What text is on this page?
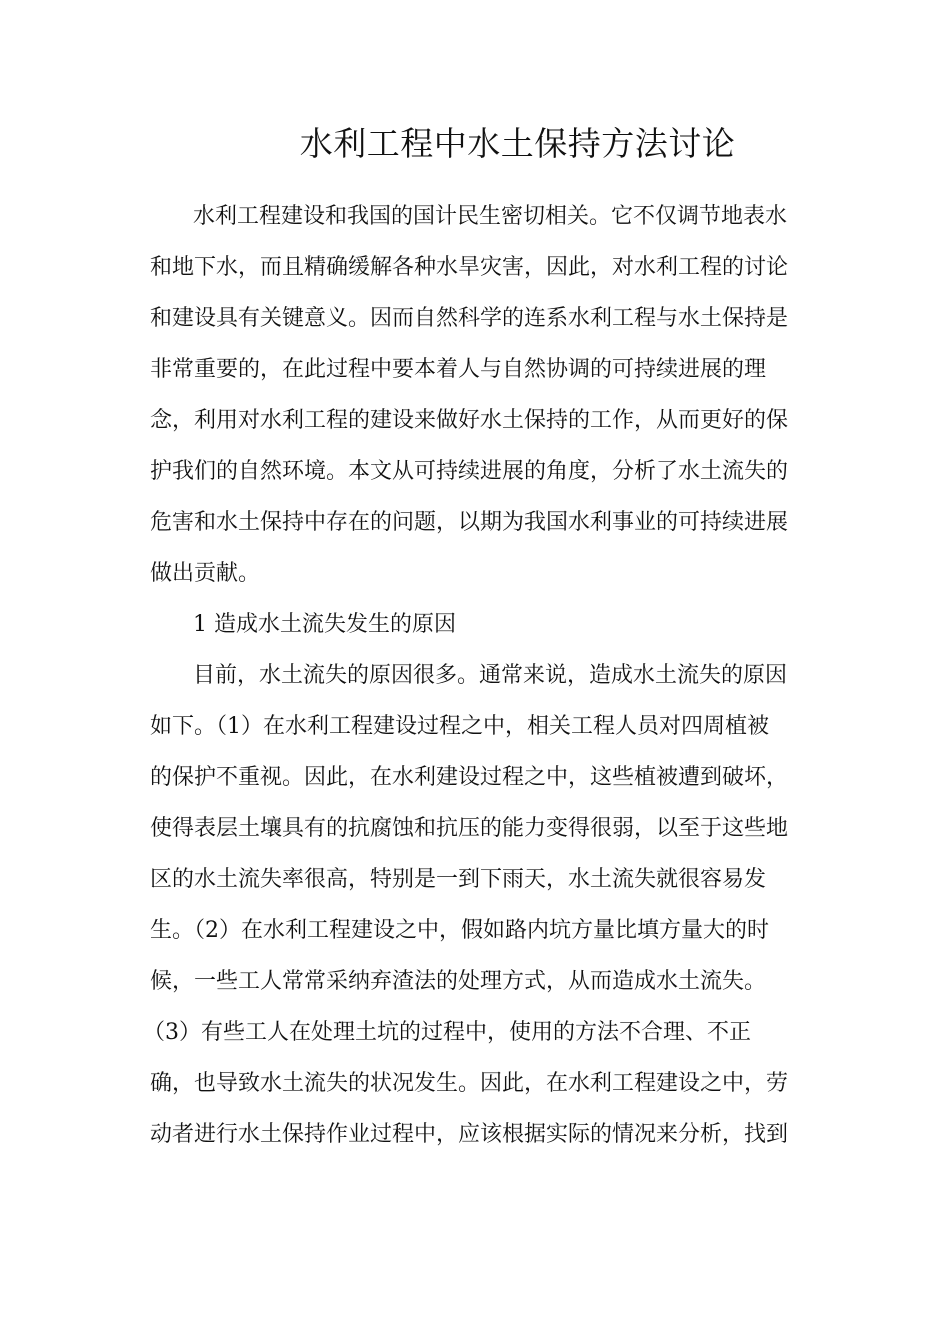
水利工程中水土保持方法讨论

水利工程建设和我国的国计民生密切相关。它不仅调节地表水

和地下水，而且精确缓解各种水旱灾害，因此，对水利工程的讨论

和建设具有关键意义。因而自然科学的连系水利工程与水土保持是

非常重要的，在此过程中要本着人与自然协调的可持续进展的理

念，利用对水利工程的建设来做好水土保持的工作，从而更好的保

护我们的自然环境。本文从可持续进展的角度，分析了水土流失的

危害和水土保持中存在的问题，以期为我国水利事业的可持续进展

做出贡献。

1 造成水土流失发生的原因

目前，水土流失的原因很多。通常来说，造成水土流失的原因

如下。（1）在水利工程建设过程之中，相关工程人员对四周植被

的保护不重视。因此，在水利建设过程之中，这些植被遭到破坏，

使得表层土壤具有的抗腐蚀和抗压的能力变得很弱，以至于这些地

区的水土流失率很高，特别是一到下雨天，水土流失就很容易发

生。（2）在水利工程建设之中，假如路内坑方量比填方量大的时

候，一些工人常常采纳弃渣法的处理方式，从而造成水土流失。

（3）有些工人在处理土坑的过程中，使用的方法不合理、不正

确，也导致水土流失的状况发生。因此，在水利工程建设之中，劳

动者进行水土保持作业过程中，应该根据实际的情况来分析，找到
